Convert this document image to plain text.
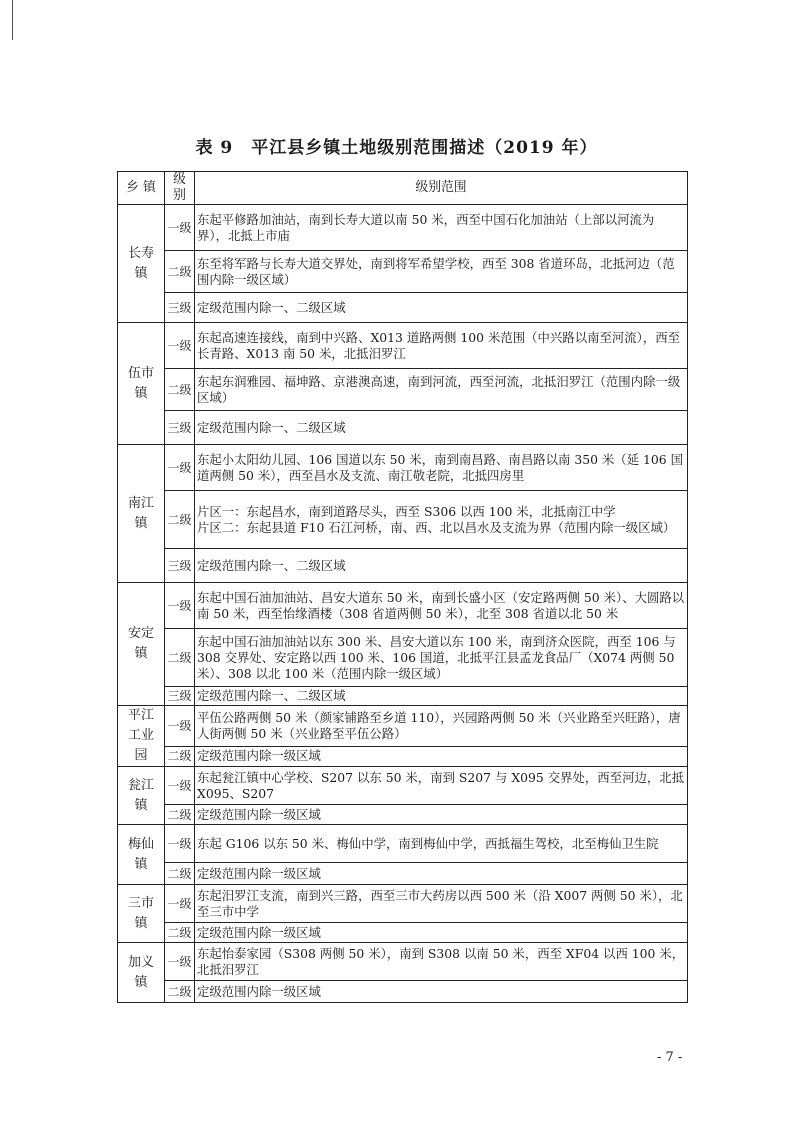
表 9　平江县乡镇土地级别范围描述（2019 年）
乡 镇	级别	级别范围
长寿
镇	一级	东起平修路加油站，南到长寿大道以南 50 米，西至中国石化加油站（上部以河流为界），北抵上市庙
	二级	东至将军路与长寿大道交界处，南到将军希望学校，西至 308 省道环岛，北抵河边（范围内除一级区域）
	三级	定级范围内除一、二级区域
伍市
镇	一级	东起高速连接线，南到中兴路、X013 道路两侧 100 米范围（中兴路以南至河流），西至长青路、X013 南 50 米，北抵汨罗江
	二级	东起东润雅园、福坤路、京港澳高速，南到河流，西至河流，北抵汨罗江（范围内除一级区域）
	三级	定级范围内除一、二级区域
南江
镇	一级	东起小太阳幼儿园、106 国道以东 50 米，南到南昌路、南昌路以南 350 米（延 106 国道两侧 50 米），西至昌水及支流、南江敬老院，北抵四房里
	二级	片区一：东起昌水，南到道路尽头，西至 S306 以西 100 米，北抵南江中学
片区二：东起县道 F10 石江河桥，南、西、北以昌水及支流为界（范围内除一级区域）
	三级	定级范围内除一、二级区域
安定
镇	一级	东起中国石油加油站、昌安大道东 50 米，南到长盛小区（安定路两侧 50 米）、大圆路以南 50 米，西至怡缘酒楼（308 省道两侧 50 米），北至 308 省道以北 50 米
	二级	东起中国石油加油站以东 300 米、昌安大道以东 100 米，南到济众医院，西至 106 与 308 交界处、安定路以西 100 米、106 国道，北抵平江县孟龙食品厂（X074 两侧 50 米）、308 以北 100 米（范围内除一级区域）
	三级	定级范围内除一、二级区域
平江
工业
园	一级	平伍公路两侧 50 米（颜家铺路至乡道 110），兴园路两侧 50 米（兴业路至兴旺路），唐人街两侧 50 米（兴业路至平伍公路）
	二级	定级范围内除一级区域
瓮江
镇	一级	东起瓮江镇中心学校、S207 以东 50 米，南到 S207 与 X095 交界处，西至河边，北抵 X095、S207
	二级	定级范围内除一级区域
梅仙
镇	一级	东起 G106 以东 50 米、梅仙中学，南到梅仙中学，西抵福生驾校，北至梅仙卫生院
	二级	定级范围内除一级区域
三市
镇	一级	东起汨罗江支流，南到兴三路，西至三市大药房以西 500 米（沿 X007 两侧 50 米），北至三市中学
	二级	定级范围内除一级区域
加义
镇	一级	东起怡泰家园（S308 两侧 50 米），南到 S308 以南 50 米，西至 XF04 以西 100 米，北抵汨罗江
	二级	定级范围内除一级区域
- 7 -
